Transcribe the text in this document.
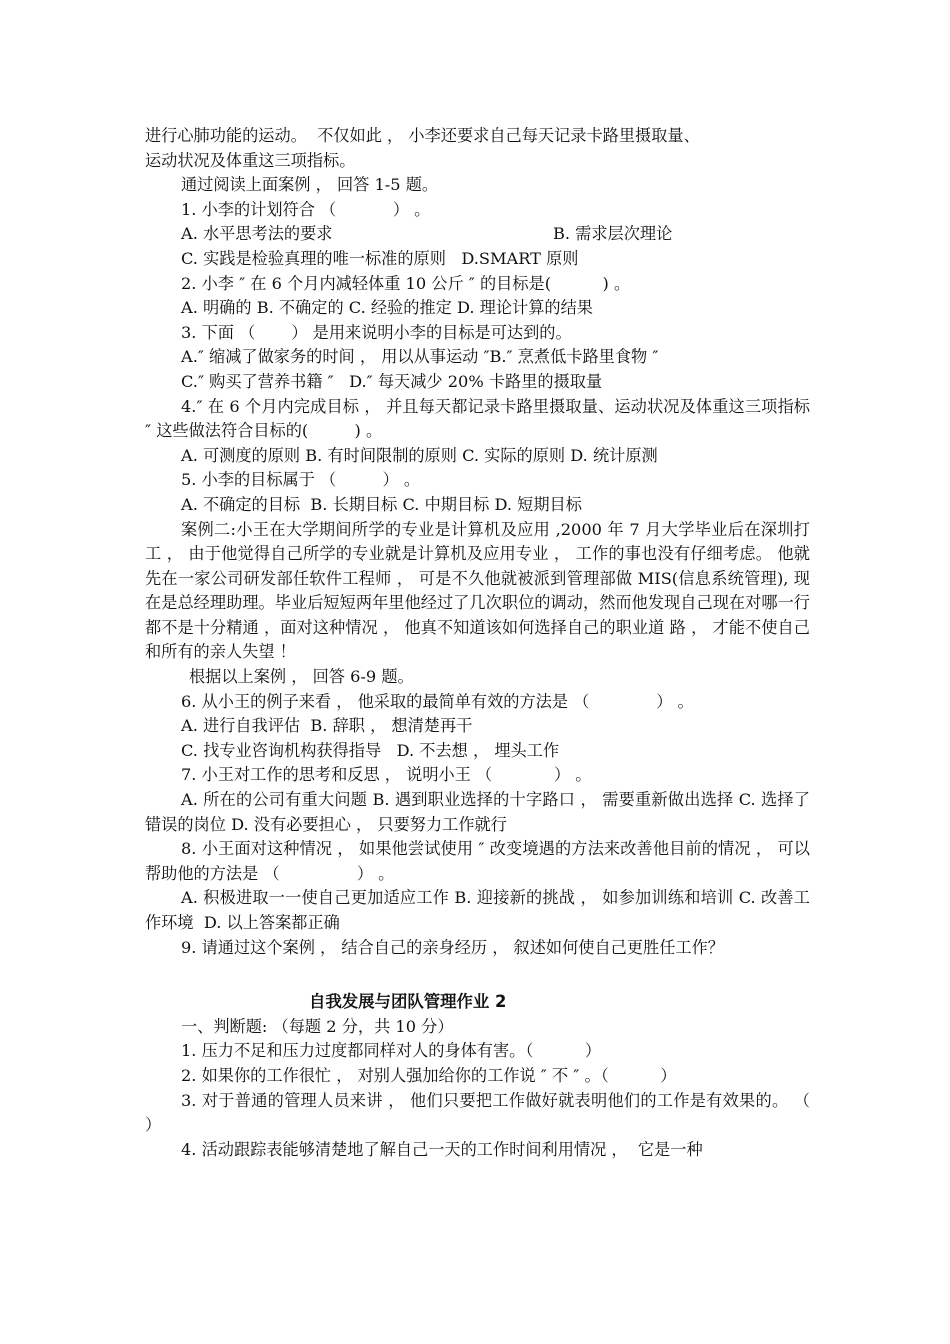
进行心肺功能的运动。  不仅如此 ， 小李还要求自己每天记录卡路里摄取量、

运动状况及体重这三项指标。

通过阅读上面案例 ， 回答 1-5 题。

1. 小李的计划符合 （           ） 。

A. 水平思考法的要求	B. 需求层次理论

C. 实践是检验真理的唯一标准的原则   D.SMART 原则

2. 小李 ″ 在 6 个月内减轻体重 10 公斤 ″ 的目标是(          ) 。

A. 明确的 B. 不确定的 C. 经验的推定 D. 理论计算的结果

3. 下面 （       ） 是用来说明小李的目标是可达到的。

A.″ 缩减了做家务的时间 ， 用以从事运动 ″B.″ 烹煮低卡路里食物 ″

C.″ 购买了营养书籍 ″   D.″ 每天减少 20% 卡路里的摄取量

4.″ 在 6 个月内完成目标 ， 并且每天都记录卡路里摄取量、运动状况及体重这三项指标 ″ 这些做法符合目标的(         ) 。

A. 可测度的原则 B. 有时间限制的原则 C. 实际的原则 D. 统计原测

5. 小李的目标属于 （         ） 。

A. 不确定的目标  B. 长期目标 C. 中期目标 D. 短期目标

案例二:小王在大学期间所学的专业是计算机及应用 ,2000 年 7 月大学毕业后在深圳打工 ， 由于他觉得自己所学的专业就是计算机及应用专业 ， 工作的事也没有仔细考虑。 他就先在一家公司研发部任软件工程师 ， 可是不久他就被派到管理部做 MIS(信息系统管理), 现在是总经理助理。毕业后短短两年里他经过了几次职位的调动，然而他发现自己现在对哪一行都不是十分精通 ，面对这种情况 ， 他真不知道该如何选择自己的职业道 路 ， 才能不使自己和所有的亲人失望 ！

根据以上案例 ， 回答 6-9 题。

6. 从小王的例子来看 ， 他采取的最简单有效的方法是 （             ） 。

A. 进行自我评估  B. 辞职 ， 想清楚再干

C. 找专业咨询机构获得指导   D. 不去想 ， 埋头工作

7. 小王对工作的思考和反思 ， 说明小王 （            ） 。

A. 所在的公司有重大问题 B. 遇到职业选择的十字路口 ， 需要重新做出选择 C. 选择了错误的岗位 D. 没有必要担心 ， 只要努力工作就行

8. 小王面对这种情况 ， 如果他尝试使用 ″ 改变境遇的方法来改善他目前的情况 ， 可以帮助他的方法是 （               ） 。

A. 积极进取一一使自己更加适应工作 B. 迎接新的挑战 ， 如参加训练和培训 C. 改善工作环境  D. 以上答案都正确

9. 请通过这个案例 ， 结合自己的亲身经历 ， 叙述如何使自己更胜任工作？

自我发展与团队管理作业 2

一、判断题: （每题 2 分，共 10 分）

1. 压力不足和压力过度都同样对人的身体有害。（          ）

2. 如果你的工作很忙 ， 对别人强加给你的工作说 ″ 不 ″ 。（          ）

3. 对于普通的管理人员来讲 ， 他们只要把工作做好就表明他们的工作是有效果的。 （          ）

4. 活动跟踪表能够清楚地了解自己一天的工作时间利用情况 ，  它是一种
